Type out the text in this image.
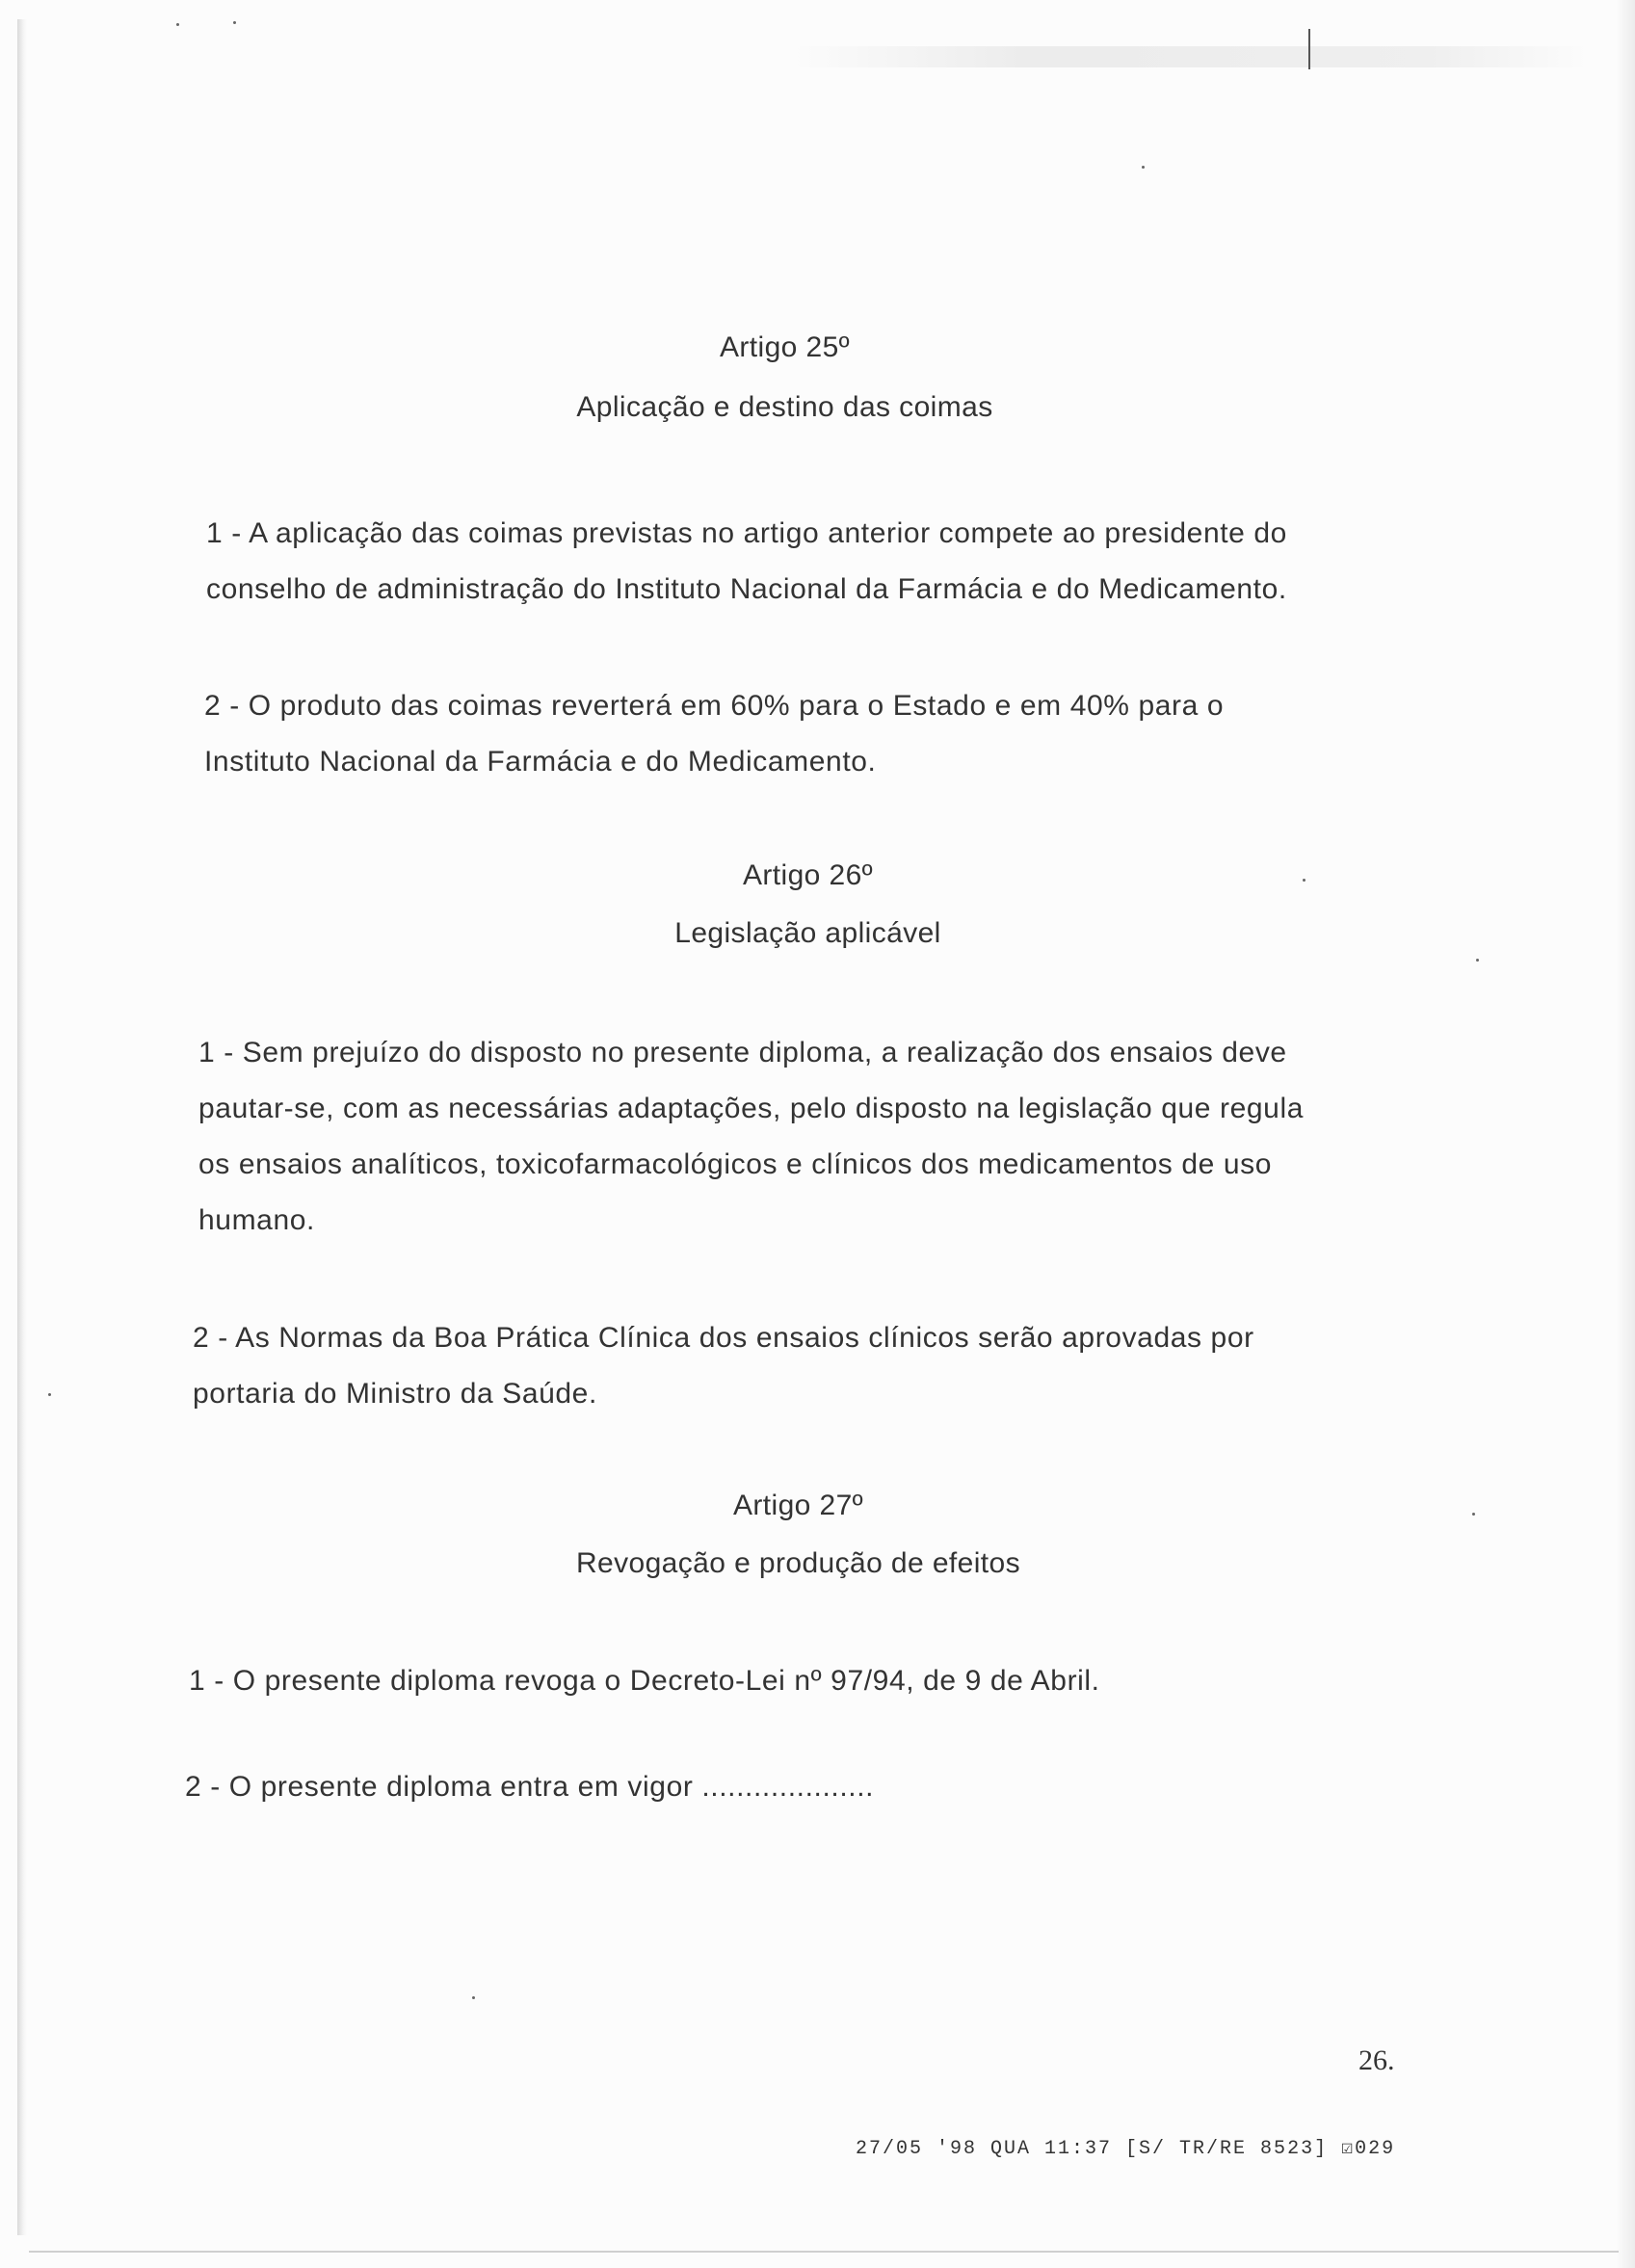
Artigo 25º
Aplicação e destino das coimas
1 - A aplicação das coimas previstas no artigo anterior compete ao presidente do
conselho de administração do Instituto Nacional da Farmácia e do Medicamento.
2 - O produto das coimas reverterá em 60% para o Estado e em 40% para o
Instituto Nacional da Farmácia e do Medicamento.
Artigo 26º
Legislação aplicável
1 - Sem prejuízo do disposto no presente diploma, a realização dos ensaios deve
pautar-se, com as necessárias adaptações, pelo disposto na legislação que regula
os ensaios analíticos, toxicofarmacológicos e clínicos dos medicamentos de uso
humano.
2 - As Normas da Boa Prática Clínica dos ensaios clínicos serão aprovadas por
portaria do Ministro da Saúde.
Artigo 27º
Revogação e produção de efeitos
1 - O presente diploma revoga o Decreto-Lei nº 97/94, de 9 de Abril.
2 - O presente diploma entra em vigor ....................
26.
27/05 '98 QUA 11:37 [S/ TR/RE 8523] ☑029
